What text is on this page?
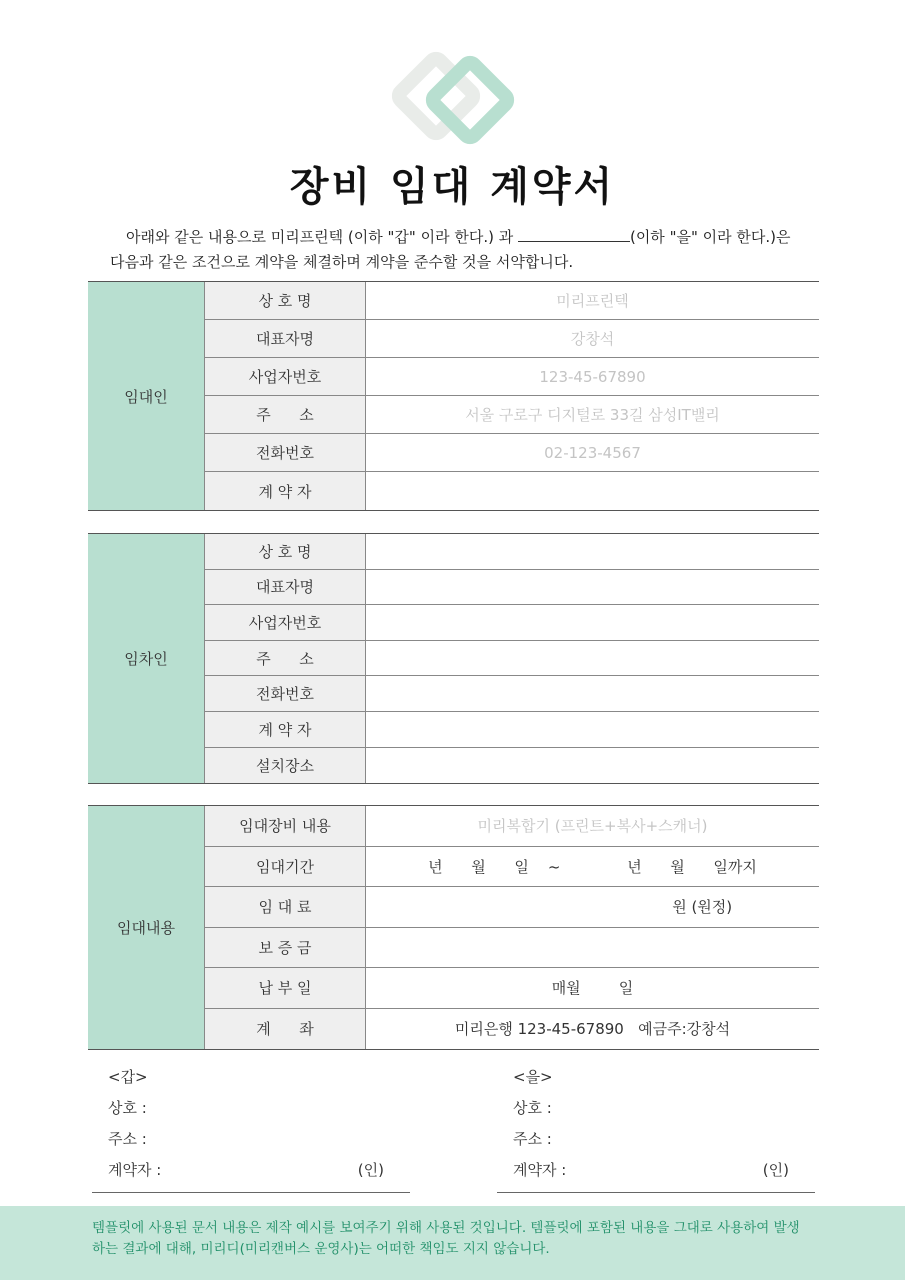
장비 임대 계약서
아래와 같은 내용으로 미리프린텍 (이하 "갑" 이라 한다.) 과	(이하 "을" 이라 한다.)은
다음과 같은 조건으로 계약을 체결하며 계약을 준수할 것을 서약합니다.
임대인
상 호 명	미리프린텍
대표자명	강창석
사업자번호	123-45-67890
주      소	서울 구로구 디지털로 33길 삼성IT밸리
전화번호	02-123-4567
계 약 자
임차인
상 호 명
대표자명
사업자번호
주      소
전화번호
계 약 자
설치장소
임대내용
임대장비 내용	미리복합기 (프린트+복사+스캐너)
임대기간	년      월      일    ~              년      월      일까지
임 대 료	원 (원정)
보 증 금
납 부 일	매월        일
계      좌	미리은행 123-45-67890   예금주:강창석
<갑>
상호 :
주소 :
계약자 :	(인)
<을>
상호 :
주소 :
계약자 :	(인)
템플릿에 사용된 문서 내용은 제작 예시를 보여주기 위해 사용된 것입니다. 템플릿에 포함된 내용을 그대로 사용하여 발생
하는 결과에 대해, 미리디(미리캔버스 운영사)는 어떠한 책임도 지지 않습니다.
